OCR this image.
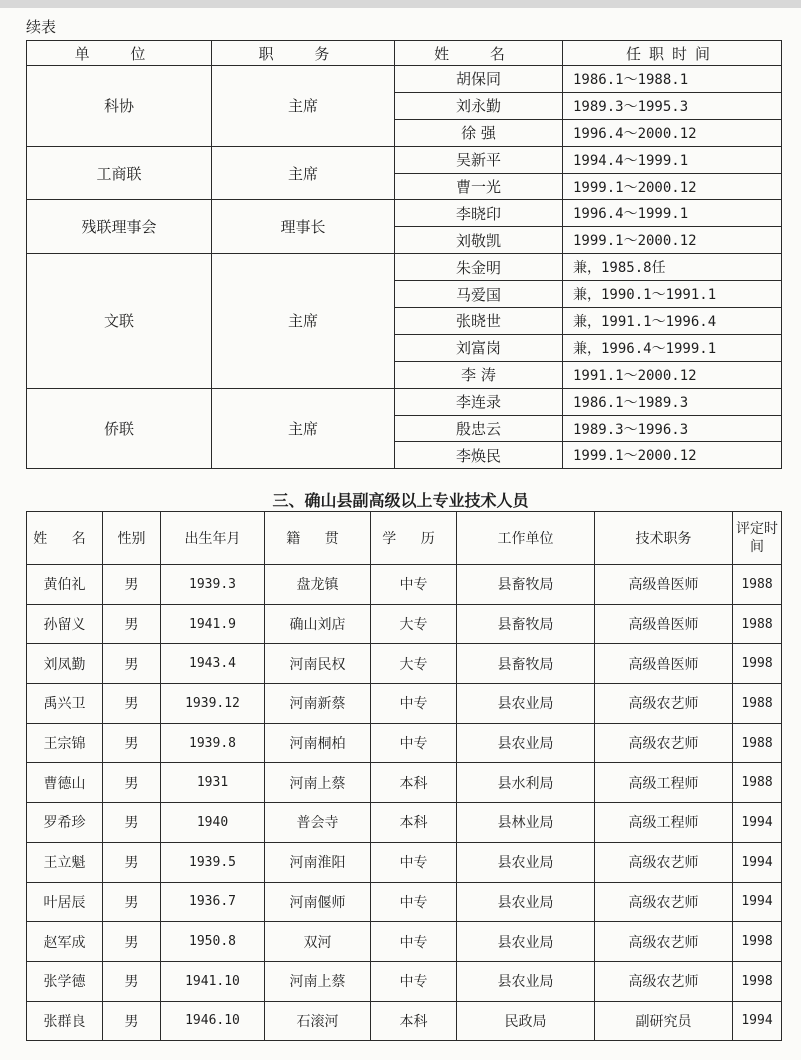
续表
单 位	职 务	姓 名	任职时间
科协	主席	胡保同	1986.1～1988.1
		刘永勤	1989.3～1995.3
		徐 强	1996.4～2000.12
工商联	主席	吴新平	1994.4～1999.1
		曹一光	1999.1～2000.12
残联理事会	理事长	李晓印	1996.4～1999.1
		刘敬凯	1999.1～2000.12
文联	主席	朱金明	兼，1985.8任
		马爱国	兼，1990.1～1991.1
		张晓世	兼，1991.1～1996.4
		刘富岗	兼，1996.4～1999.1
		李 涛	1991.1～2000.12
侨联	主席	李连录	1986.1～1989.3
		殷忠云	1989.3～1996.3
		李焕民	1999.1～2000.12
三、确山县副高级以上专业技术人员
姓 名	性别	出生年月	籍 贯	学 历	工作单位	技术职务	评定时间
黄伯礼	男	1939.3	盘龙镇	中专	县畜牧局	高级兽医师	1988
孙留义	男	1941.9	确山刘店	大专	县畜牧局	高级兽医师	1988
刘凤勤	男	1943.4	河南民权	大专	县畜牧局	高级兽医师	1998
禹兴卫	男	1939.12	河南新蔡	中专	县农业局	高级农艺师	1988
王宗锦	男	1939.8	河南桐柏	中专	县农业局	高级农艺师	1988
曹德山	男	1931	河南上蔡	本科	县水利局	高级工程师	1988
罗希珍	男	1940	普会寺	本科	县林业局	高级工程师	1994
王立魁	男	1939.5	河南淮阳	中专	县农业局	高级农艺师	1994
叶居辰	男	1936.7	河南偃师	中专	县农业局	高级农艺师	1994
赵军成	男	1950.8	双河	中专	县农业局	高级农艺师	1998
张学德	男	1941.10	河南上蔡	中专	县农业局	高级农艺师	1998
张群良	男	1946.10	石滚河	本科	民政局	副研究员	1994
